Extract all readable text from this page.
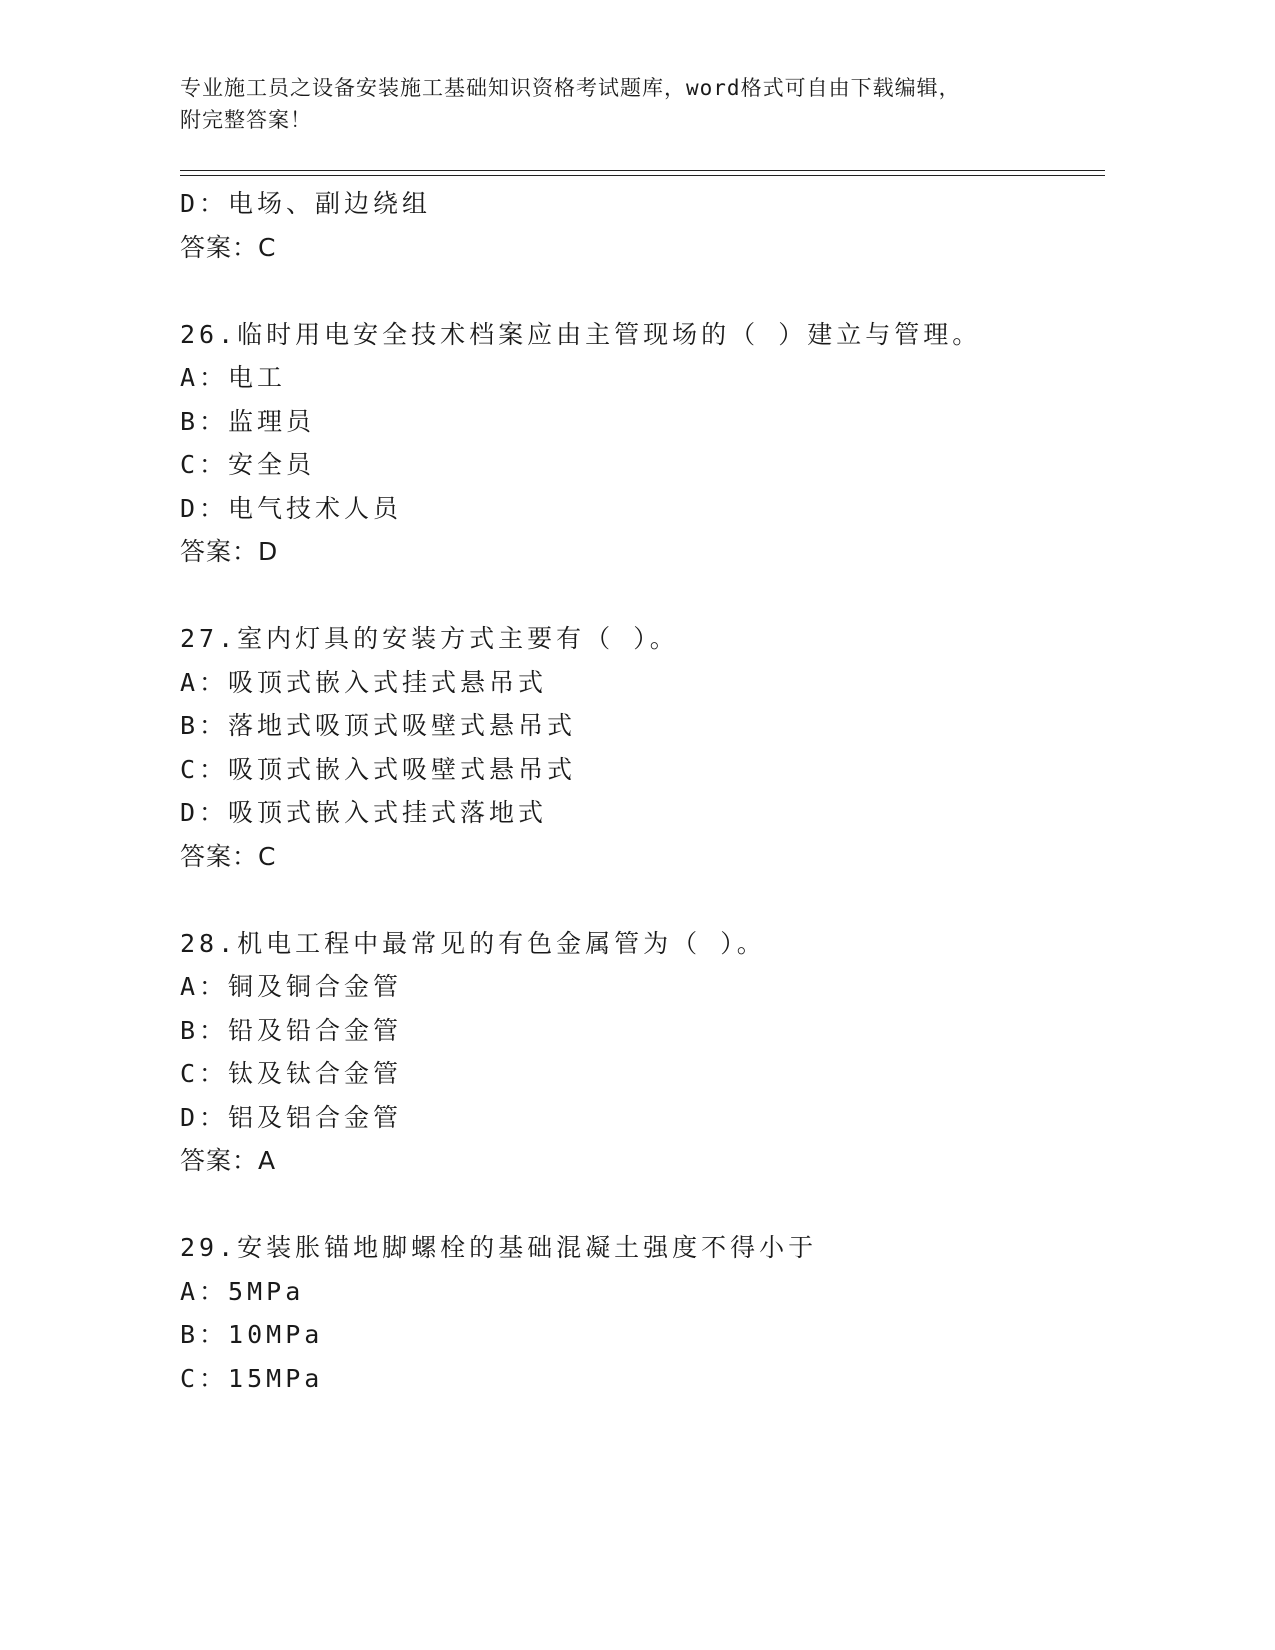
专业施工员之设备安装施工基础知识资格考试题库，word格式可自由下载编辑，
附完整答案！
D：电场、副边绕组
答案：C
26.临时用电安全技术档案应由主管现场的（ ）建立与管理。
A：电工
B：监理员
C：安全员
D：电气技术人员
答案：D
27.室内灯具的安装方式主要有（ ）。
A：吸顶式嵌入式挂式悬吊式
B：落地式吸顶式吸壁式悬吊式
C：吸顶式嵌入式吸壁式悬吊式
D：吸顶式嵌入式挂式落地式
答案：C
28.机电工程中最常见的有色金属管为（ ）。
A：铜及铜合金管
B：铅及铅合金管
C：钛及钛合金管
D：铝及铝合金管
答案：A
29.安装胀锚地脚螺栓的基础混凝土强度不得小于
A：5MPa
B：10MPa
C：15MPa
